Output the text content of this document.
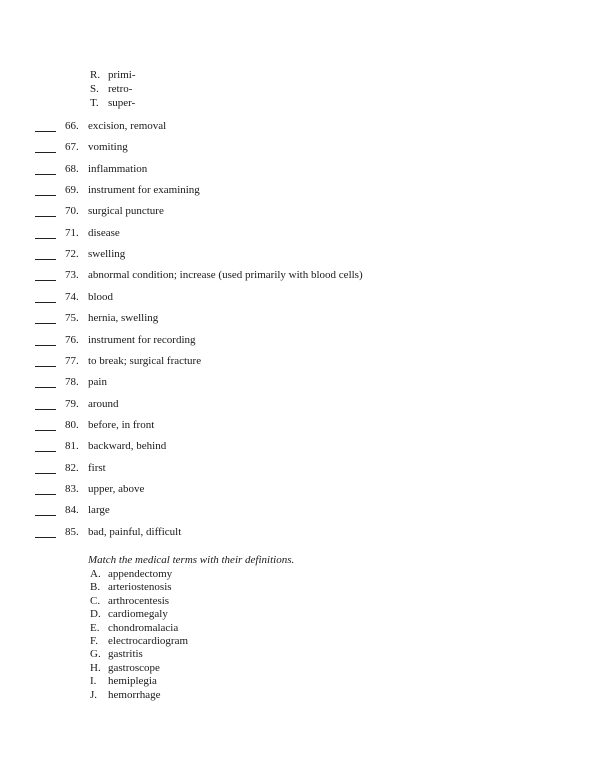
R. primi-
S. retro-
T. super-
66. excision, removal
67. vomiting
68. inflammation
69. instrument for examining
70. surgical puncture
71. disease
72. swelling
73. abnormal condition; increase (used primarily with blood cells)
74. blood
75. hernia, swelling
76. instrument for recording
77. to break; surgical fracture
78. pain
79. around
80. before, in front
81. backward, behind
82. first
83. upper, above
84. large
85. bad, painful, difficult
Match the medical terms with their definitions.
A. appendectomy
B. arteriostenosis
C. arthrocentesis
D. cardiomegaly
E. chondromalacia
F. electrocardiogram
G. gastritis
H. gastroscope
I.	hemiplegia
J. hemorrhage
